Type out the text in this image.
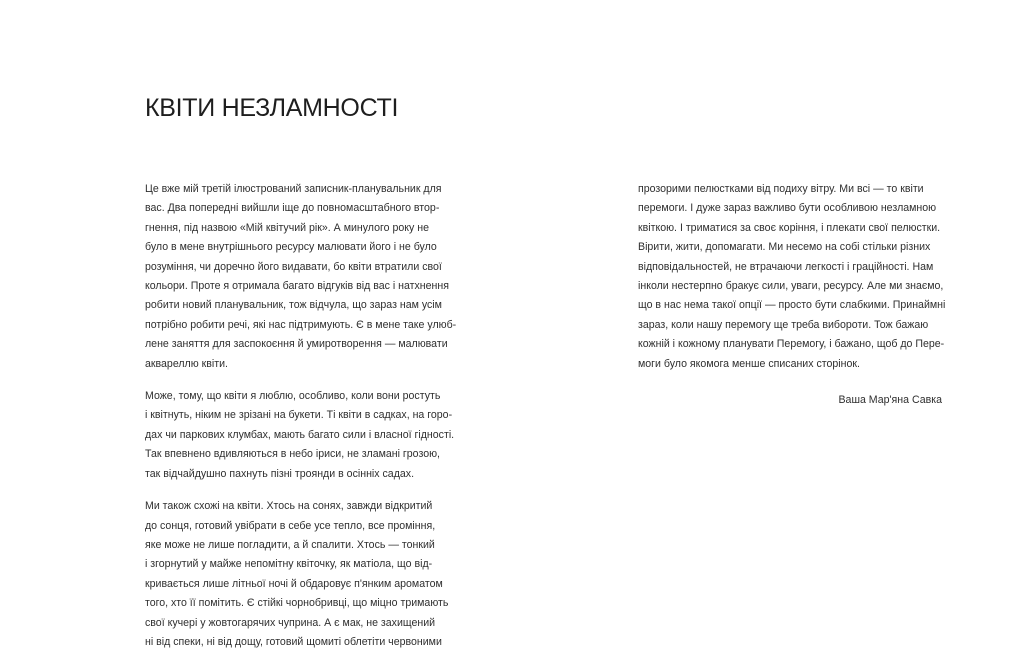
КВІТИ НЕЗЛАМНОСТІ

Це вже мій третій ілюстрований записник-планувальник для
вас. Два попередні вийшли іще до повномасштабного втор-
гнення, під назвою «Мій квітучий рік». А минулого року не
було в мене внутрішнього ресурсу малювати його і не було
розуміння, чи доречно його видавати, бо квіти втратили свої
кольори. Проте я отримала багато відгуків від вас і натхнення
робити новий планувальник, тож відчула, що зараз нам усім
потрібно робити речі, які нас підтримують. Є в мене таке улюб-
лене заняття для заспокоєння й умиротворення — малювати
аквареллю квіти.

Може, тому, що квіти я люблю, особливо, коли вони ростуть
і квітнуть, ніким не зрізані на букети. Ті квіти в садках, на горо-
дах чи паркових клумбах, мають багато сили і власної гідності.
Так впевнено вдивляються в небо іриси, не зламані грозою,
так відчайдушно пахнуть пізні троянди в осінніх садах.

Ми також схожі на квіти. Хтось на сонях, завжди відкритий
до сонця, готовий увібрати в себе усе тепло, все проміння,
яке може не лише погладити, а й спалити. Хтось — тонкий
і згорнутий у майже непомітну квіточку, як матіола, що від-
кривається лише літньої ночі й обдаровує п'янким ароматом
того, хто її помітить. Є стійкі чорнобривці, що міцно тримають
свої кучері у жовтогарячих чуприна. А є мак, не захищений
ні від спеки, ні від дощу, готовий щомиті облетіти червоними

прозорими пелюстками від подиху вітру. Ми всі — то квіти
перемоги. І дуже зараз важливо бути особливою незламною
квіткою. І триматися за своє коріння, і плекати свої пелюстки.
Вірити, жити, допомагати. Ми несемо на собі стільки різних
відповідальностей, не втрачаючи легкості і граційності. Нам
інколи нестерпно бракує сили, уваги, ресурсу. Але ми знаємо,
що в нас нема такої опції — просто бути слабкими. Принаймні
зараз, коли нашу перемогу ще треба вибороти. Тож бажаю
кожній і кожному планувати Перемогу, і бажано, щоб до Пере-
моги було якомога менше списаних сторінок.

Ваша Мар'яна Савка
